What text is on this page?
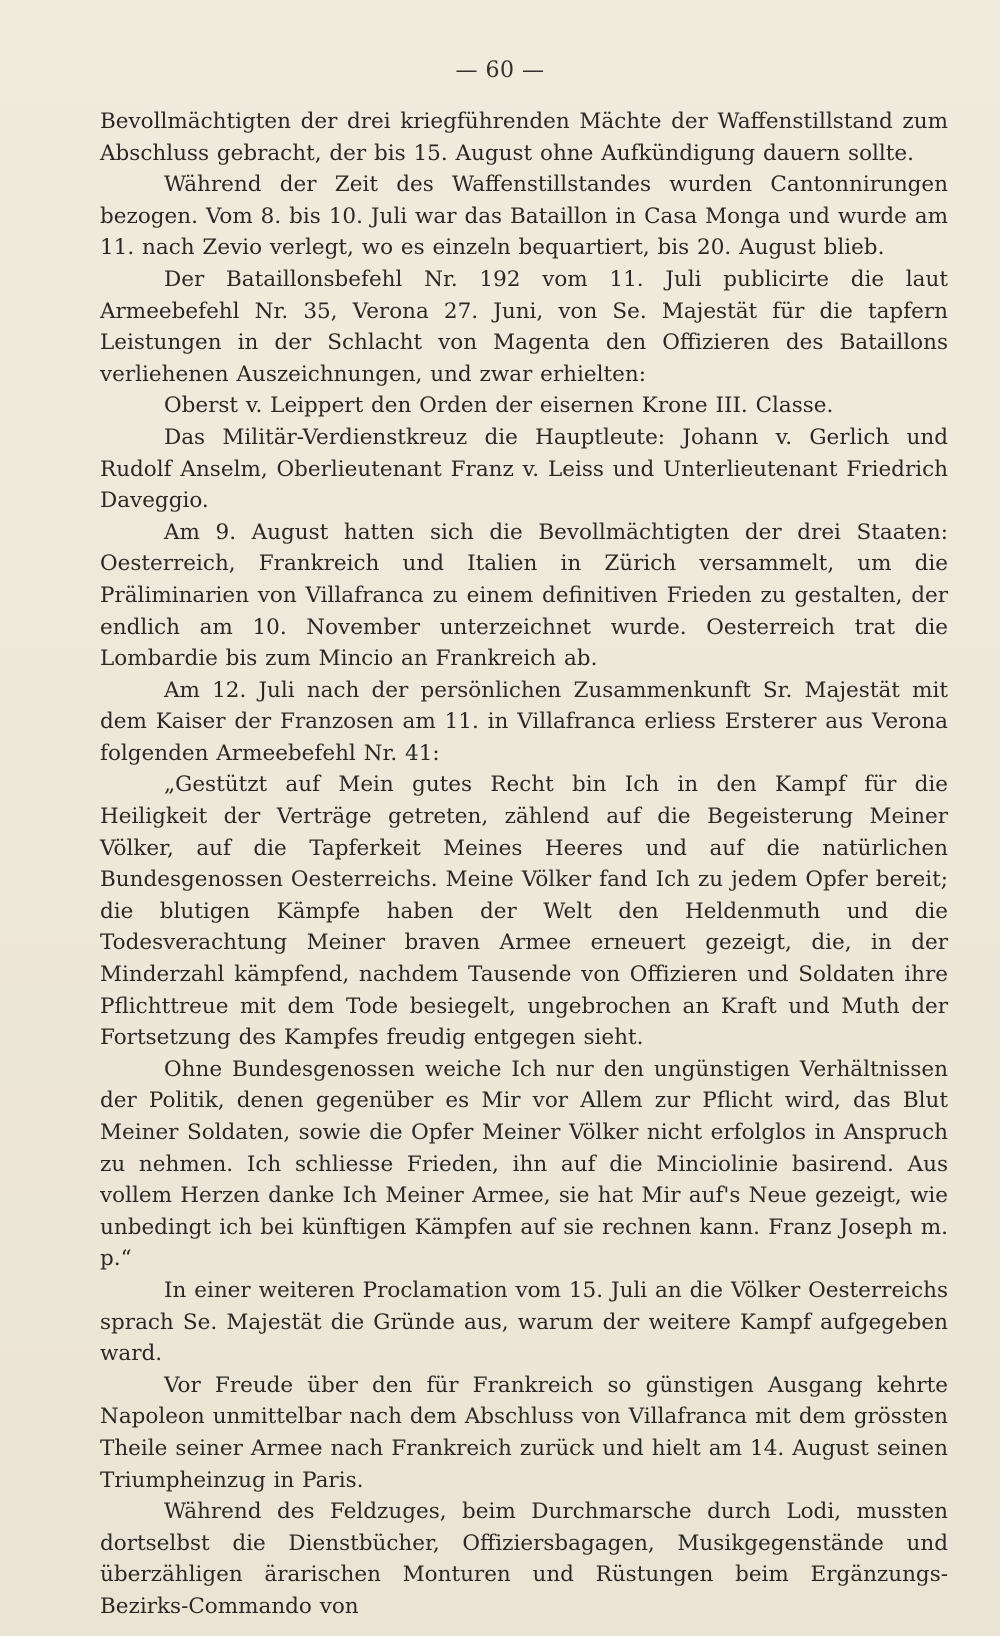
— 60 —

Bevollmächtigten der drei kriegführenden Mächte der Waffenstillstand zum Abschluss gebracht, der bis 15. August ohne Aufkündigung dauern sollte.

Während der Zeit des Waffenstillstandes wurden Cantonnirungen bezogen. Vom 8. bis 10. Juli war das Bataillon in Casa Monga und wurde am 11. nach Zevio verlegt, wo es einzeln bequartiert, bis 20. August blieb.

Der Bataillonsbefehl Nr. 192 vom 11. Juli publicirte die laut Armeebefehl Nr. 35, Verona 27. Juni, von Se. Majestät für die tapfern Leistungen in der Schlacht von Magenta den Offizieren des Bataillons verliehenen Auszeichnungen, und zwar erhielten:

Oberst v. Leippert den Orden der eisernen Krone III. Classe.

Das Militär-Verdienstkreuz die Hauptleute: Johann v. Gerlich und Rudolf Anselm, Oberlieutenant Franz v. Leiss und Unterlieutenant Friedrich Daveggio.

Am 9. August hatten sich die Bevollmächtigten der drei Staaten: Oesterreich, Frankreich und Italien in Zürich versammelt, um die Präliminarien von Villafranca zu einem definitiven Frieden zu gestalten, der endlich am 10. November unterzeichnet wurde. Oesterreich trat die Lombardie bis zum Mincio an Frankreich ab.

Am 12. Juli nach der persönlichen Zusammenkunft Sr. Majestät mit dem Kaiser der Franzosen am 11. in Villafranca erliess Ersterer aus Verona folgenden Armeebefehl Nr. 41:

„Gestützt auf Mein gutes Recht bin Ich in den Kampf für die Heiligkeit der Verträge getreten, zählend auf die Begeisterung Meiner Völker, auf die Tapferkeit Meines Heeres und auf die natürlichen Bundesgenossen Oesterreichs. Meine Völker fand Ich zu jedem Opfer bereit; die blutigen Kämpfe haben der Welt den Heldenmuth und die Todesverachtung Meiner braven Armee erneuert gezeigt, die, in der Minderzahl kämpfend, nachdem Tausende von Offizieren und Soldaten ihre Pflichttreue mit dem Tode besiegelt, ungebrochen an Kraft und Muth der Fortsetzung des Kampfes freudig entgegen sieht.

Ohne Bundesgenossen weiche Ich nur den ungünstigen Verhältnissen der Politik, denen gegenüber es Mir vor Allem zur Pflicht wird, das Blut Meiner Soldaten, sowie die Opfer Meiner Völker nicht erfolglos in Anspruch zu nehmen. Ich schliesse Frieden, ihn auf die Minciolinie basirend. Aus vollem Herzen danke Ich Meiner Armee, sie hat Mir auf's Neue gezeigt, wie unbedingt ich bei künftigen Kämpfen auf sie rechnen kann. Franz Joseph m. p.“

In einer weiteren Proclamation vom 15. Juli an die Völker Oesterreichs sprach Se. Majestät die Gründe aus, warum der weitere Kampf aufgegeben ward.

Vor Freude über den für Frankreich so günstigen Ausgang kehrte Napoleon unmittelbar nach dem Abschluss von Villafranca mit dem grössten Theile seiner Armee nach Frankreich zurück und hielt am 14. August seinen Triumpheinzug in Paris.

Während des Feldzuges, beim Durchmarsche durch Lodi, mussten dortselbst die Dienstbücher, Offiziersbagagen, Musikgegenstände und überzähligen ärarischen Monturen und Rüstungen beim Ergänzungs-Bezirks-Commando von
